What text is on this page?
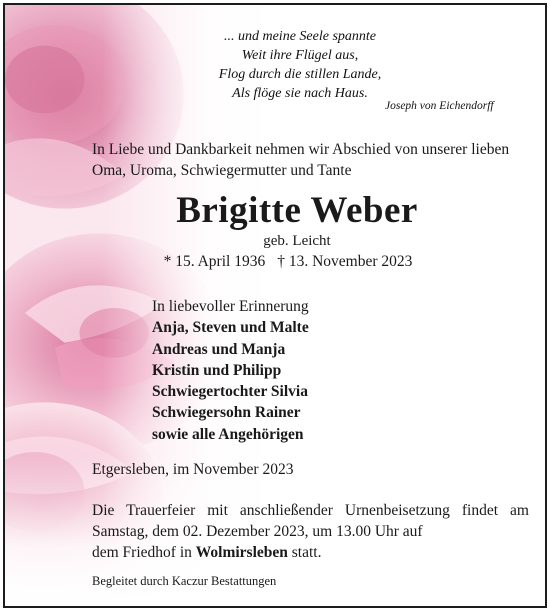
... und meine Seele spannte
Weit ihre Flügel aus,
Flog durch die stillen Lande,
Als flöge sie nach Haus.
Joseph von Eichendorff
In Liebe und Dankbarkeit nehmen wir Abschied von unserer lieben Oma, Uroma, Schwiegermutter und Tante
Brigitte Weber
geb. Leicht
* 15. April 1936 † 13. November 2023
In liebevoller Erinnerung
Anja, Steven und Malte
Andreas und Manja
Kristin und Philipp
Schwiegertochter Silvia
Schwiegersohn Rainer
sowie alle Angehörigen
Etgersleben, im November 2023
Die Trauerfeier mit anschließender Urnenbeisetzung findet am Samstag, dem 02. Dezember 2023, um 13.00 Uhr auf
dem Friedhof in Wolmirsleben statt.
Begleitet durch Kaczur Bestattungen
